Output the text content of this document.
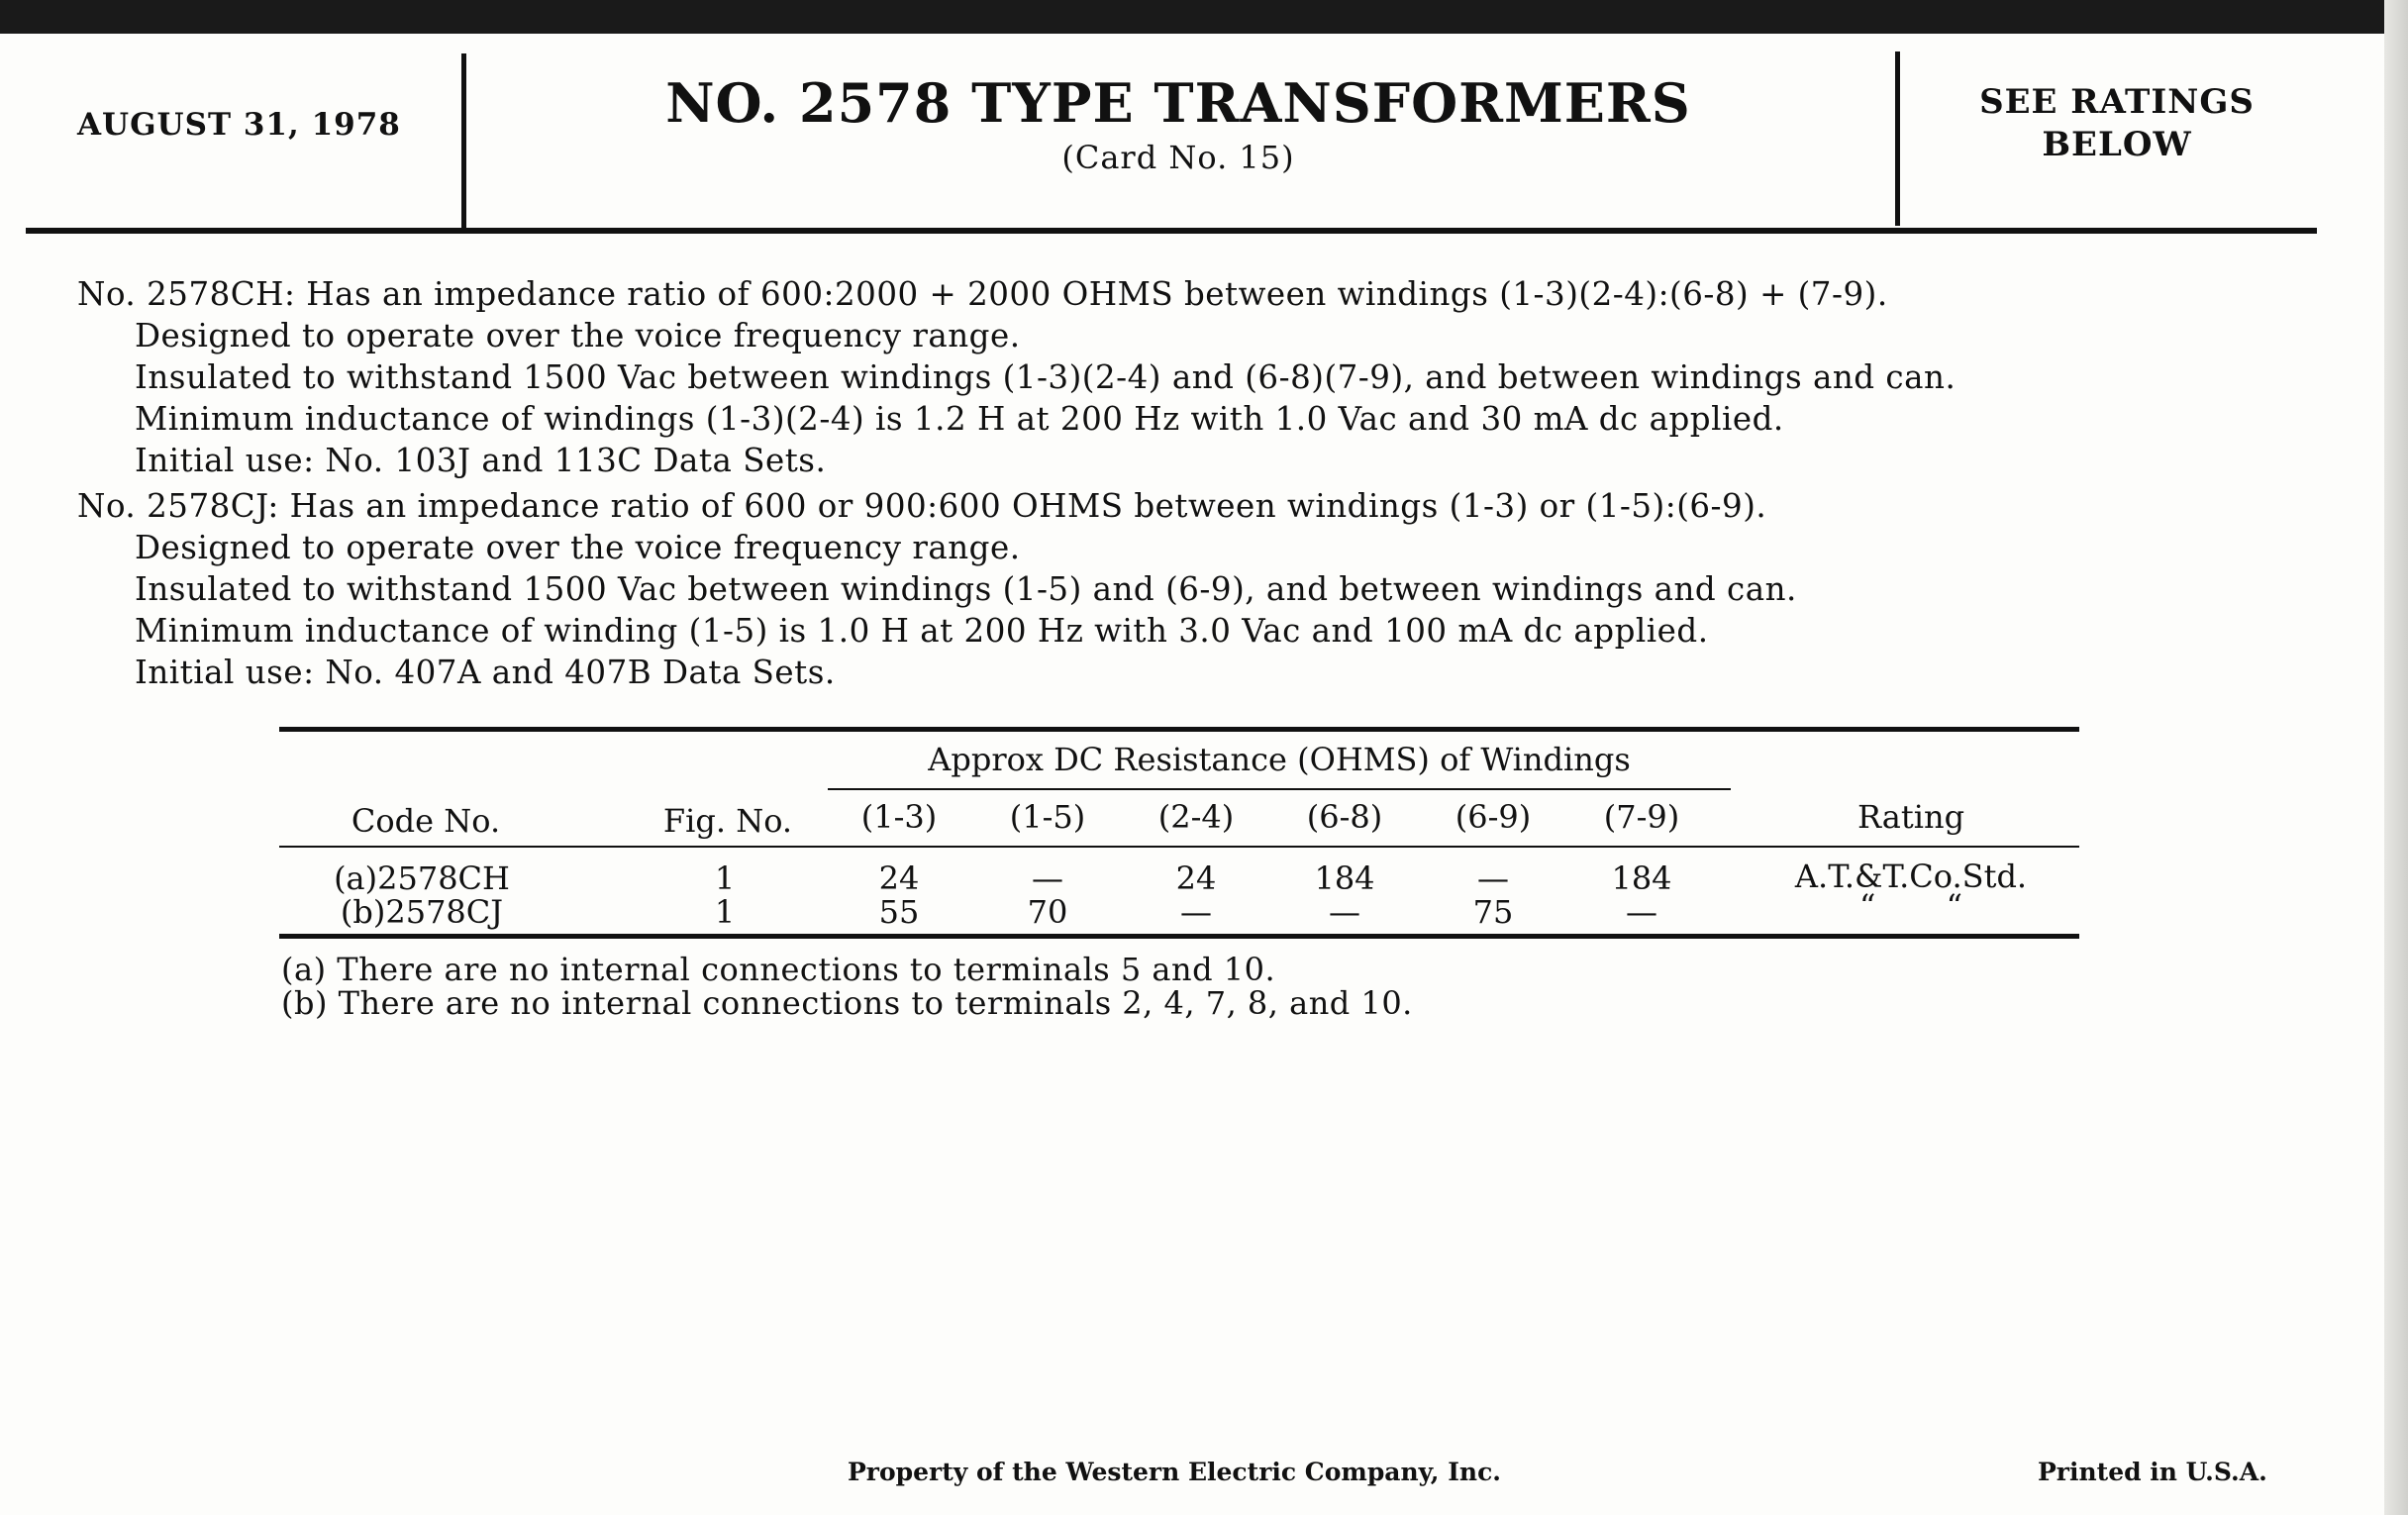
AUGUST 31, 1978	NO. 2578 TYPE TRANSFORMERS
(Card No. 15)
SEE RATINGS
BELOW
No. 2578CH: Has an impedance ratio of 600:2000 + 2000 OHMS between windings (1-3)(2-4):(6-8) + (7-9).
Designed to operate over the voice frequency range.
Insulated to withstand 1500 Vac between windings (1-3)(2-4) and (6-8)(7-9), and between windings and can.
Minimum inductance of windings (1-3)(2-4) is 1.2 H at 200 Hz with 1.0 Vac and 30 mA dc applied.
Initial use: No. 103J and 113C Data Sets.
No. 2578CJ: Has an impedance ratio of 600 or 900:600 OHMS between windings (1-3) or (1-5):(6-9).
Designed to operate over the voice frequency range.
Insulated to withstand 1500 Vac between windings (1-5) and (6-9), and between windings and can.
Minimum inductance of winding (1-5) is 1.0 H at 200 Hz with 3.0 Vac and 100 mA dc applied.
Initial use: No. 407A and 407B Data Sets.
Approx DC Resistance (OHMS) of Windings
Code No.	Fig. No.	(1-3)	(1-5)	(2-4)	(6-8)	(6-9)	(7-9)	Rating
(a)2578CH	1	24	—	24	184	—	184	A.T.&T.Co.Std.
(b)2578CJ	1	55	70	—	—	75	—	“       “
(a) There are no internal connections to terminals 5 and 10.
(b) There are no internal connections to terminals 2, 4, 7, 8, and 10.
Property of the Western Electric Company, Inc.	Printed in U.S.A.
